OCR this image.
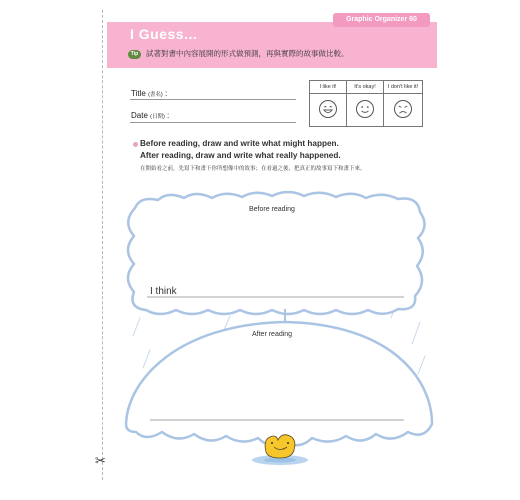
✂
Graphic Organizer 60
I Guess...
Tip	試著對書中內容展開的形式做預測，再與實際的故事做比較。
Title (書名) :
Date (日期) :
I like it!	It's okay!	I don't like it!

Before reading, draw and write what might happen.
After reading, draw and write what really happened.
在開始看之前，先寫下和畫下你所想像中的故事；在看過之後，把真正的故事寫下和畫下來。
Before reading
I think
After reading
